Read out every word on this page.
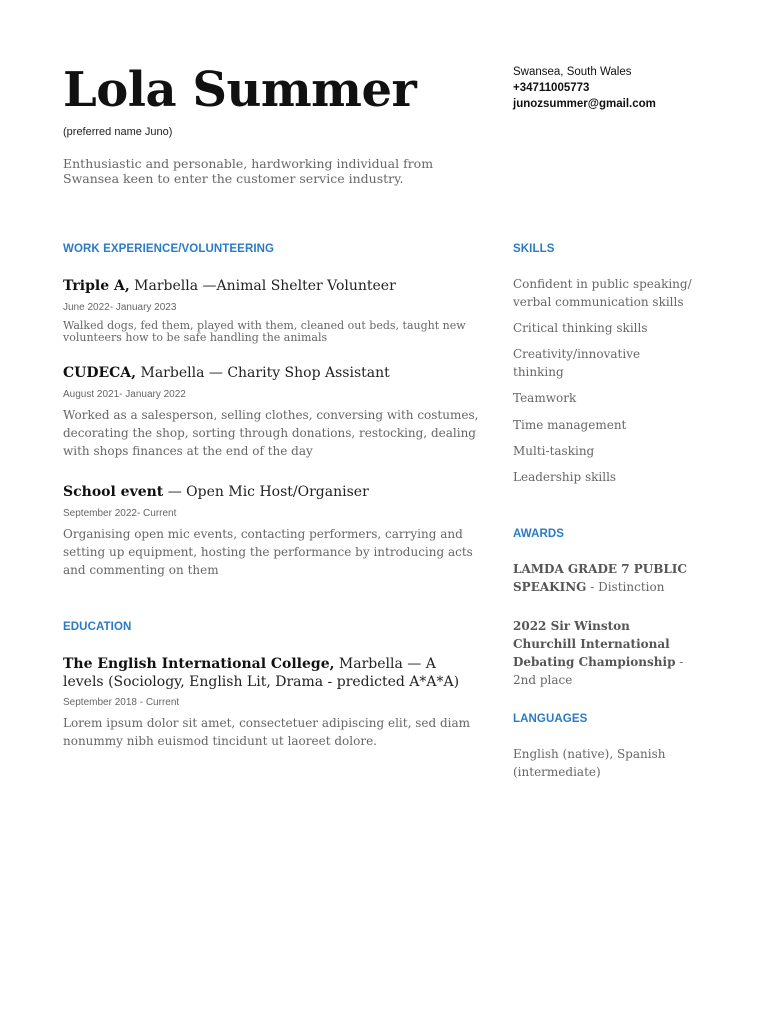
Lola Summer
(preferred name Juno)
Enthusiastic and personable, hardworking individual from Swansea keen to enter the customer service industry.
Swansea, South Wales
+34711005773
junozsummer@gmail.com
WORK EXPERIENCE/VOLUNTEERING
Triple A, Marbella —Animal Shelter Volunteer
June 2022- January 2023
Walked dogs, fed them, played with them, cleaned out beds, taught new volunteers how to be safe handling the animals
CUDECA, Marbella — Charity Shop Assistant
August 2021- January 2022
Worked as a salesperson, selling clothes, conversing with costumes, decorating the shop, sorting through donations, restocking, dealing with shops finances at the end of the day
School event — Open Mic Host/Organiser
September 2022- Current
Organising open mic events, contacting performers, carrying and setting up equipment, hosting the performance by introducing acts and commenting on them
EDUCATION
The English International College, Marbella — A levels (Sociology, English Lit, Drama - predicted A*A*A)
September 2018 - Current
Lorem ipsum dolor sit amet, consectetuer adipiscing elit, sed diam nonummy nibh euismod tincidunt ut laoreet dolore.
SKILLS
Confident in public speaking/ verbal communication skills
Critical thinking skills
Creativity/innovative thinking
Teamwork
Time management
Multi-tasking
Leadership skills
AWARDS
LAMDA GRADE 7 PUBLIC SPEAKING - Distinction
2022 Sir Winston Churchill International Debating Championship - 2nd place
LANGUAGES
English (native), Spanish (intermediate)
